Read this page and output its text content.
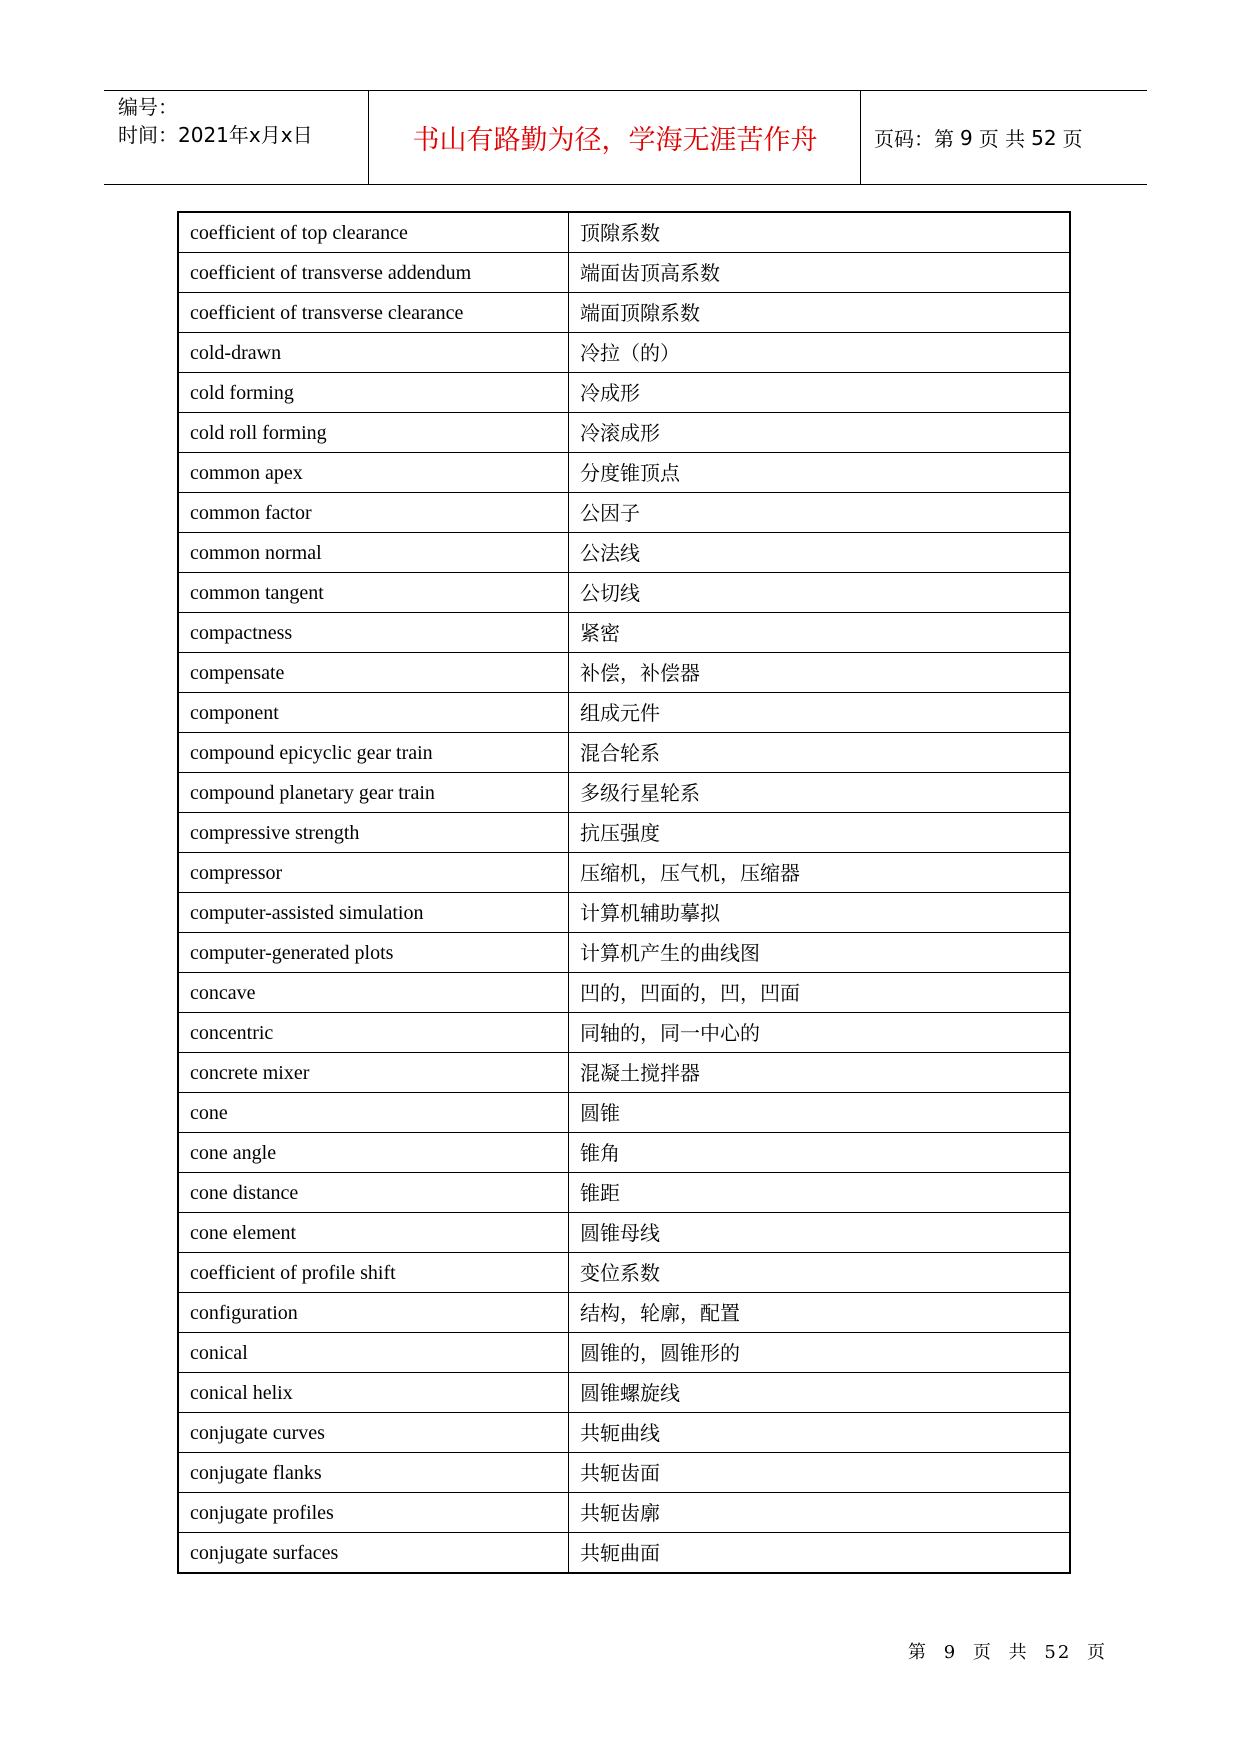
编号：
时间：2021年x月x日	书山有路勤为径，学海无涯苦作舟	页码：第 9 页 共 52 页
coefficient of top clearance	顶隙系数
coefficient of transverse addendum	端面齿顶高系数
coefficient of transverse clearance	端面顶隙系数
cold-drawn	冷拉（的）
cold forming	冷成形
cold roll forming	冷滚成形
common apex	分度锥顶点
common factor	公因子
common normal	公法线
common tangent	公切线
compactness	紧密
compensate	补偿，补偿器
component	组成元件
compound epicyclic gear train	混合轮系
compound planetary gear train	多级行星轮系
compressive strength	抗压强度
compressor	压缩机，压气机，压缩器
computer-assisted simulation	计算机辅助摹拟
computer-generated plots	计算机产生的曲线图
concave	凹的，凹面的，凹，凹面
concentric	同轴的，同一中心的
concrete mixer	混凝土搅拌器
cone	圆锥
cone angle	锥角
cone distance	锥距
cone element	圆锥母线
coefficient of profile shift	变位系数
configuration	结构，轮廓，配置
conical	圆锥的，圆锥形的
conical helix	圆锥螺旋线
conjugate curves	共轭曲线
conjugate flanks	共轭齿面
conjugate profiles	共轭齿廓
conjugate surfaces	共轭曲面
第 9 页 共 52 页
